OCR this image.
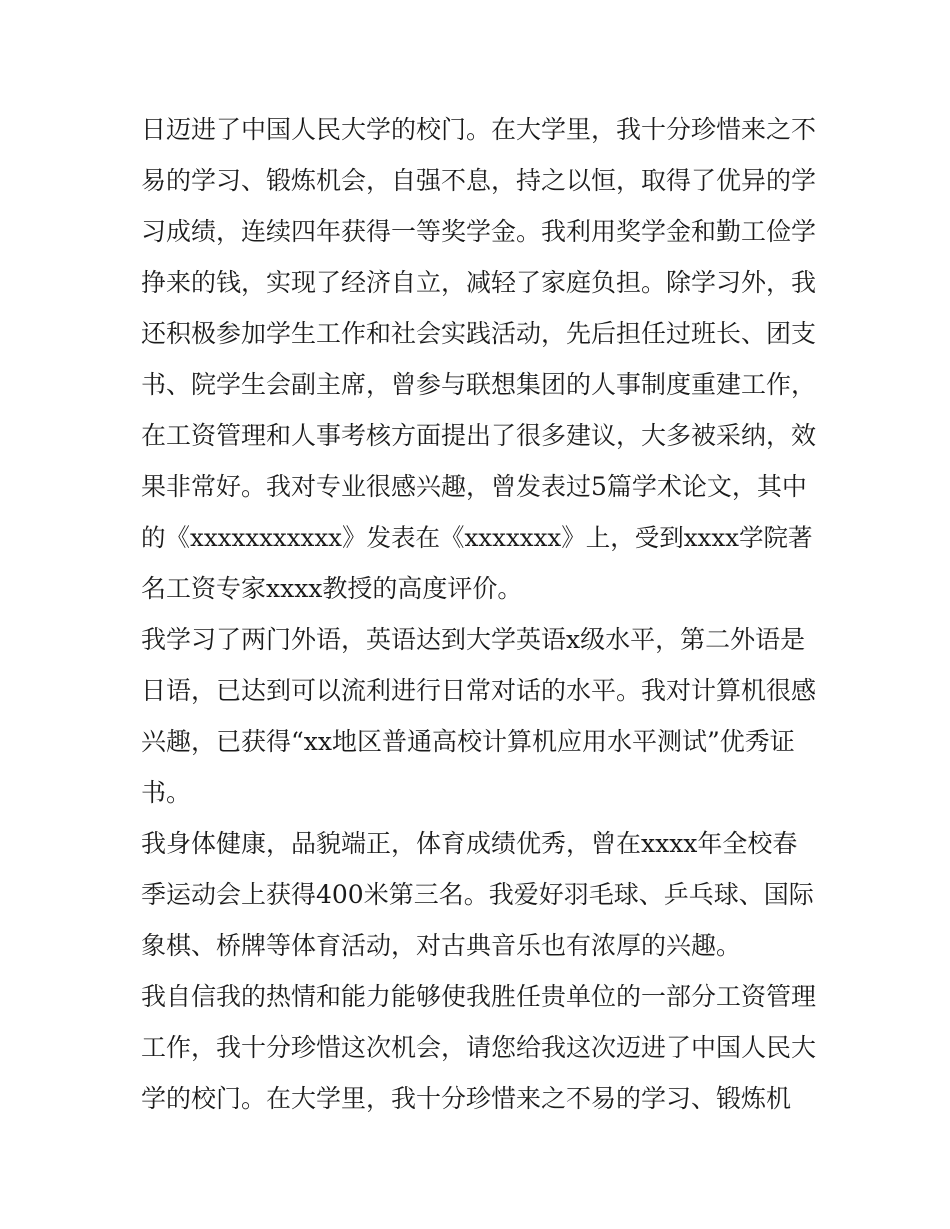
日迈进了中国人民大学的校门。在大学里，我十分珍惜来之不
易的学习、锻炼机会，自强不息，持之以恒，取得了优异的学
习成绩，连续四年获得一等奖学金。我利用奖学金和勤工俭学
挣来的钱，实现了经济自立，减轻了家庭负担。除学习外，我
还积极参加学生工作和社会实践活动，先后担任过班长、团支
书、院学生会副主席，曾参与联想集团的人事制度重建工作，
在工资管理和人事考核方面提出了很多建议，大多被采纳，效
果非常好。我对专业很感兴趣，曾发表过5篇学术论文，其中
的《xxxxxxxxxxx》发表在《xxxxxxx》上，受到xxxx学院著
名工资专家xxxx教授的高度评价。
我学习了两门外语，英语达到大学英语x级水平，第二外语是
日语，已达到可以流利进行日常对话的水平。我对计算机很感
兴趣，已获得“xx地区普通高校计算机应用水平测试”优秀证
书。
我身体健康，品貌端正，体育成绩优秀，曾在xxxx年全校春
季运动会上获得400米第三名。我爱好羽毛球、乒乓球、国际
象棋、桥牌等体育活动，对古典音乐也有浓厚的兴趣。
我自信我的热情和能力能够使我胜任贵单位的一部分工资管理
工作，我十分珍惜这次机会，请您给我这次迈进了中国人民大
学的校门。在大学里，我十分珍惜来之不易的学习、锻炼机
